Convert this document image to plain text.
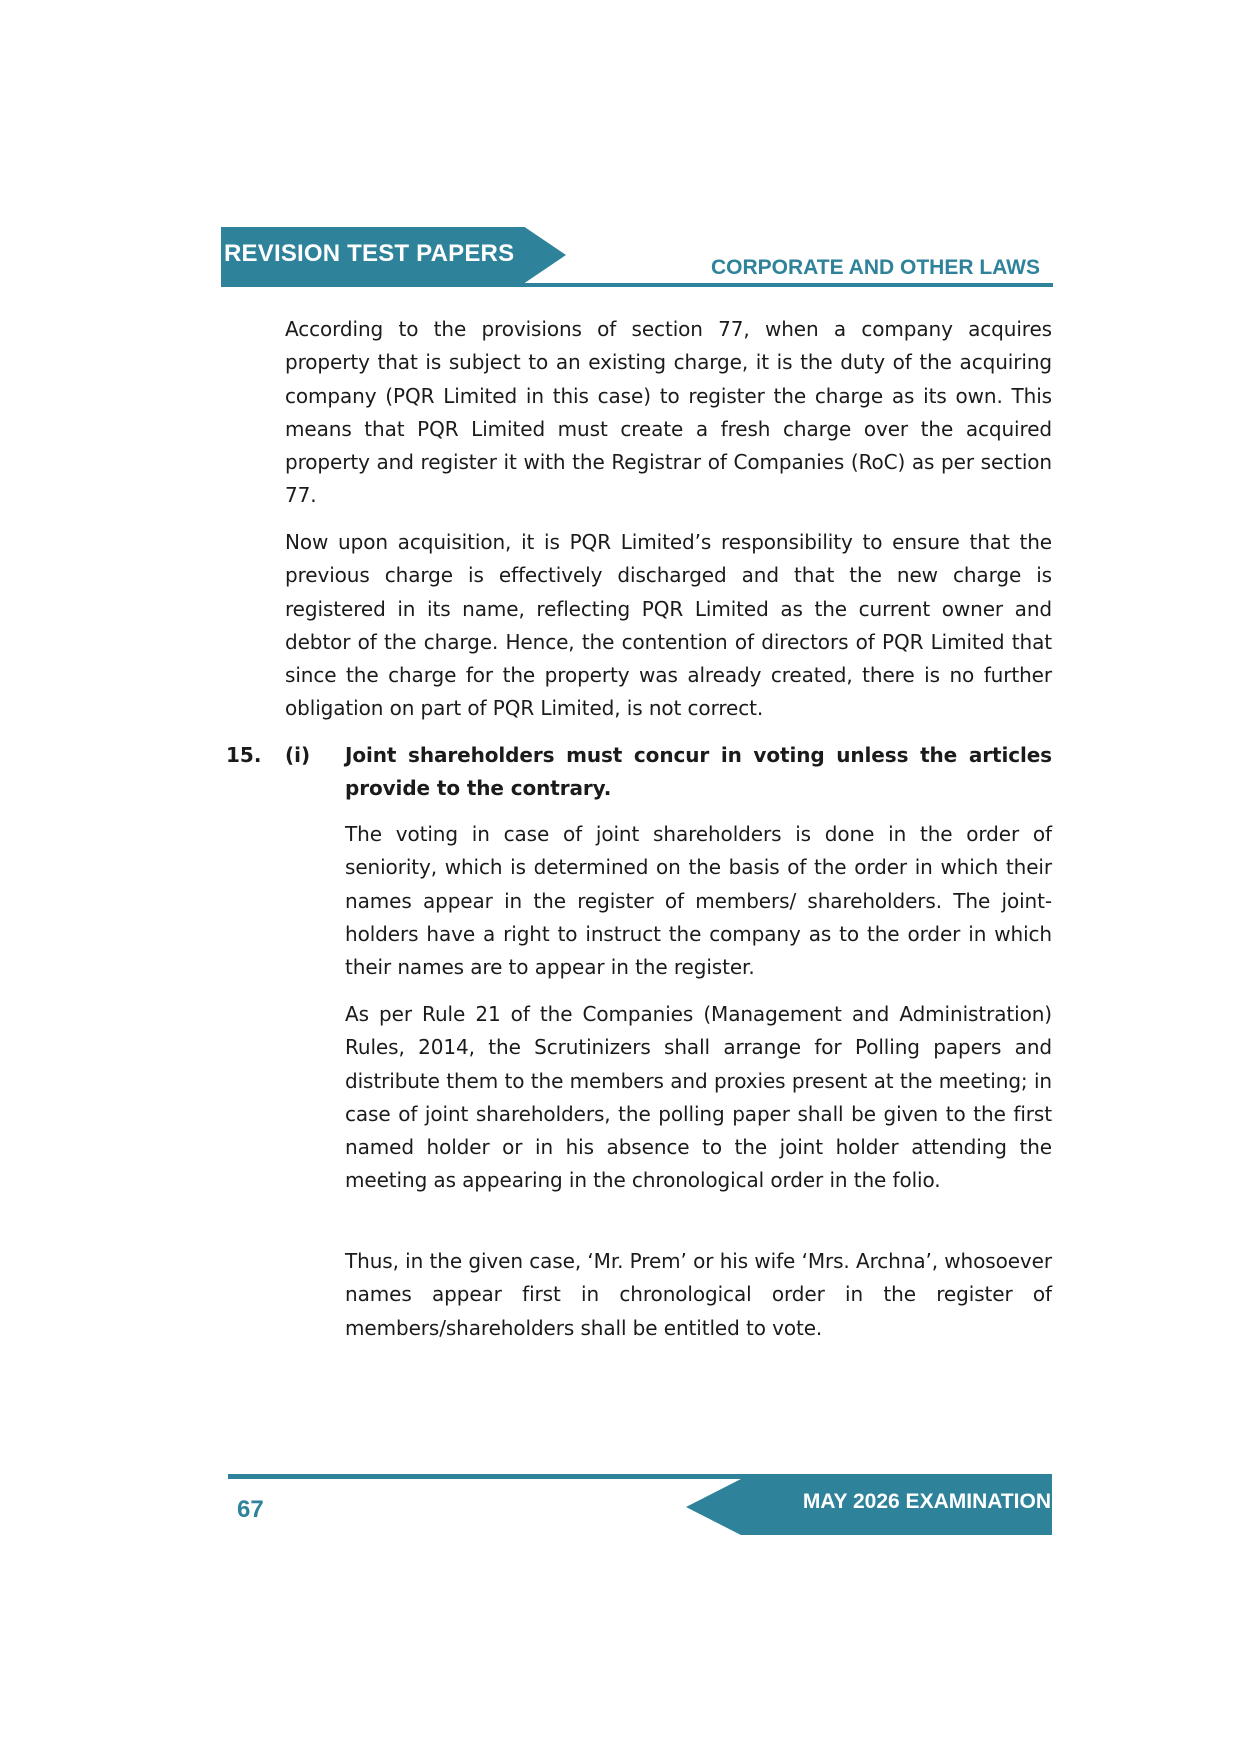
REVISION TEST PAPERS
CORPORATE AND OTHER LAWS

According to the provisions of section 77, when a company acquires property that is subject to an existing charge, it is the duty of the acquiring company (PQR Limited in this case) to register the charge as its own. This means that PQR Limited must create a fresh charge over the acquired property and register it with the Registrar of Companies (RoC) as per section 77.

Now upon acquisition, it is PQR Limited’s responsibility to ensure that the previous charge is effectively discharged and that the new charge is registered in its name, reflecting PQR Limited as the current owner and debtor of the charge. Hence, the contention of directors of PQR Limited that since the charge for the property was already created, there is no further obligation on part of PQR Limited, is not correct.

15. (i) Joint shareholders must concur in voting unless the articles provide to the contrary.

The voting in case of joint shareholders is done in the order of seniority, which is determined on the basis of the order in which their names appear in the register of members/ shareholders. The joint- holders have a right to instruct the company as to the order in which their names are to appear in the register.

As per Rule 21 of the Companies (Management and Administration) Rules, 2014, the Scrutinizers shall arrange for Polling papers and distribute them to the members and proxies present at the meeting; in case of joint shareholders, the polling paper shall be given to the first named holder or in his absence to the joint holder attending the meeting as appearing in the chronological order in the folio.

Thus, in the given case, ‘Mr. Prem’ or his wife ‘Mrs. Archna’, whosoever names appear first in chronological order in the register of members/shareholders shall be entitled to vote.

MAY 2026 EXAMINATION
67
